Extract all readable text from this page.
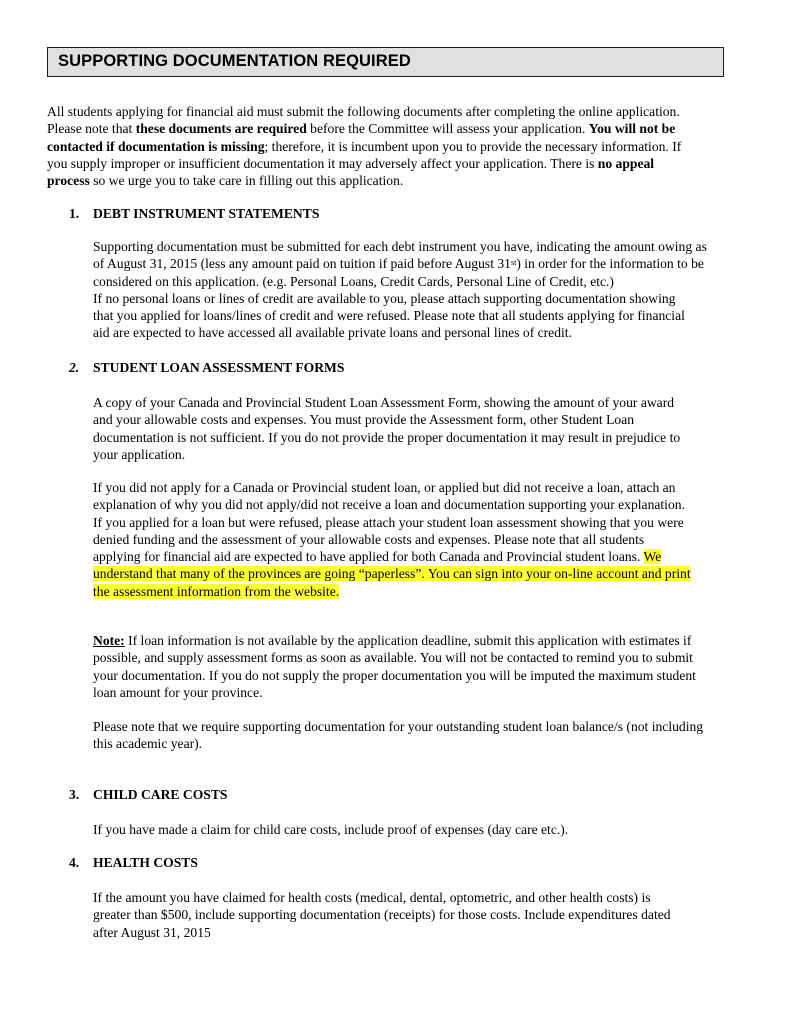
SUPPORTING DOCUMENTATION REQUIRED
All students applying for financial aid must submit the following documents after completing the online application.
Please note that these documents are required before the Committee will assess your application. You will not be
contacted if documentation is missing; therefore, it is incumbent upon you to provide the necessary information. If
you supply improper or insufficient documentation it may adversely affect your application. There is no appeal
process so we urge you to take care in filling out this application.
1. DEBT INSTRUMENT STATEMENTS
Supporting documentation must be submitted for each debt instrument you have, indicating the amount owing as
of August 31, 2015 (less any amount paid on tuition if paid before August 31st) in order for the information to be
considered on this application. (e.g. Personal Loans, Credit Cards, Personal Line of Credit, etc.)
If no personal loans or lines of credit are available to you, please attach supporting documentation showing
that you applied for loans/lines of credit and were refused. Please note that all students applying for financial
aid are expected to have accessed all available private loans and personal lines of credit.
2. STUDENT LOAN ASSESSMENT FORMS
A copy of your Canada and Provincial Student Loan Assessment Form, showing the amount of your award
and your allowable costs and expenses. You must provide the Assessment form, other Student Loan
documentation is not sufficient. If you do not provide the proper documentation it may result in prejudice to
your application.
If you did not apply for a Canada or Provincial student loan, or applied but did not receive a loan, attach an
explanation of why you did not apply/did not receive a loan and documentation supporting your explanation.
If you applied for a loan but were refused, please attach your student loan assessment showing that you were
denied funding and the assessment of your allowable costs and expenses. Please note that all students
applying for financial aid are expected to have applied for both Canada and Provincial student loans. We
understand that many of the provinces are going “paperless”. You can sign into your on-line account and print
the assessment information from the website.
Note: If loan information is not available by the application deadline, submit this application with estimates if
possible, and supply assessment forms as soon as available. You will not be contacted to remind you to submit
your documentation. If you do not supply the proper documentation you will be imputed the maximum student
loan amount for your province.
Please note that we require supporting documentation for your outstanding student loan balance/s (not including
this academic year).
3. CHILD CARE COSTS
If you have made a claim for child care costs, include proof of expenses (day care etc.).
4. HEALTH COSTS
If the amount you have claimed for health costs (medical, dental, optometric, and other health costs) is
greater than $500, include supporting documentation (receipts) for those costs. Include expenditures dated
after August 31, 2015
